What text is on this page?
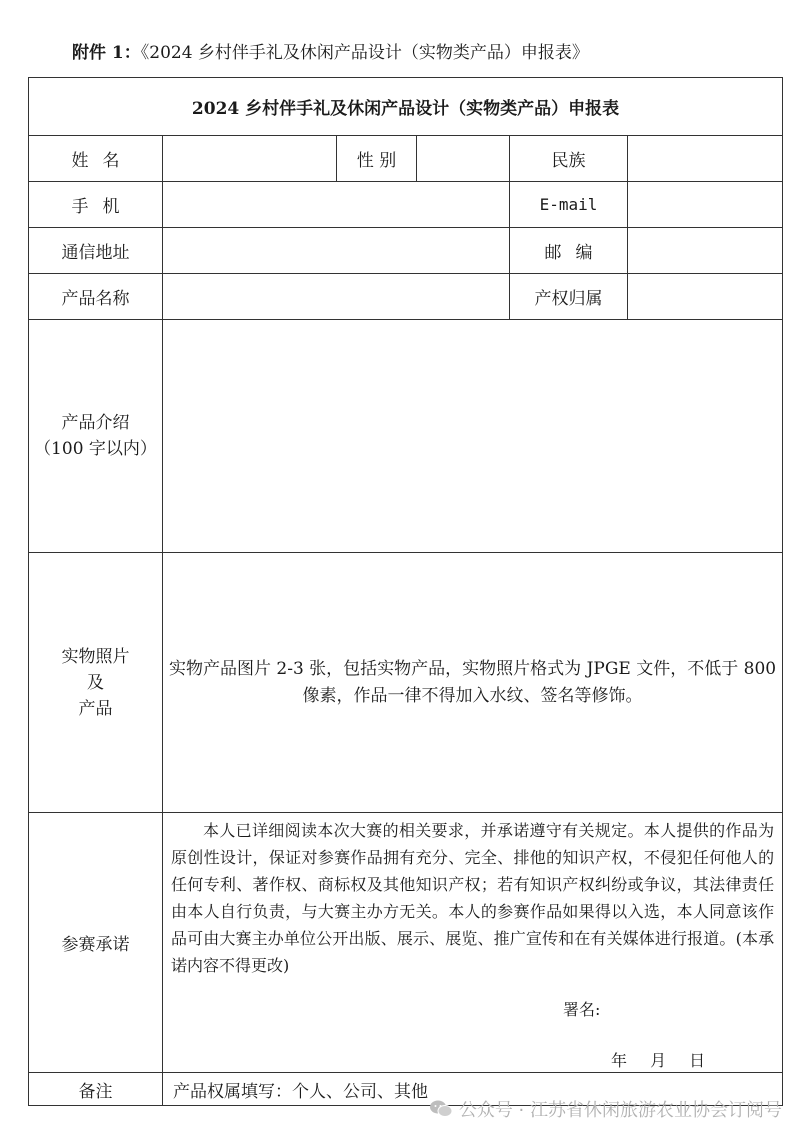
附件 1：《2024 乡村伴手礼及休闲产品设计（实物类产品）申报表》
2024 乡村伴手礼及休闲产品设计（实物类产品）申报表					
姓名		性 别		民族	
手机				E-mail	
通信地址				邮编	
产品名称				产权归属	

产品介绍
（100 字以内）					

实物照片
及
产品	实物产品图片 2-3 张，包括实物产品，实物照片格式为 JPGE 文件，不低于 800 像素，作品一律不得加入水纹、签名等修饰。				
参赛承诺	本人已详细阅读本次大赛的相关要求，并承诺遵守有关规定。本人提供的作品为原创性设计，保证对参赛作品拥有充分、完全、排他的知识产权，不侵犯任何他人的任何专利、著作权、商标权及其他知识产权；若有知识产权纠纷或争议，其法律责任由本人自行负责，与大赛主办方无关。本人的参赛作品如果得以入选，本人同意该作品可由大赛主办单位公开出版、展示、展览、推广宣传和在有关媒体进行报道。(本承诺内容不得更改)
署名:
年 月 日				

备注	产品权属填写：个人、公司、其他				
公众号 · 江苏省休闲旅游农业协会订阅号
